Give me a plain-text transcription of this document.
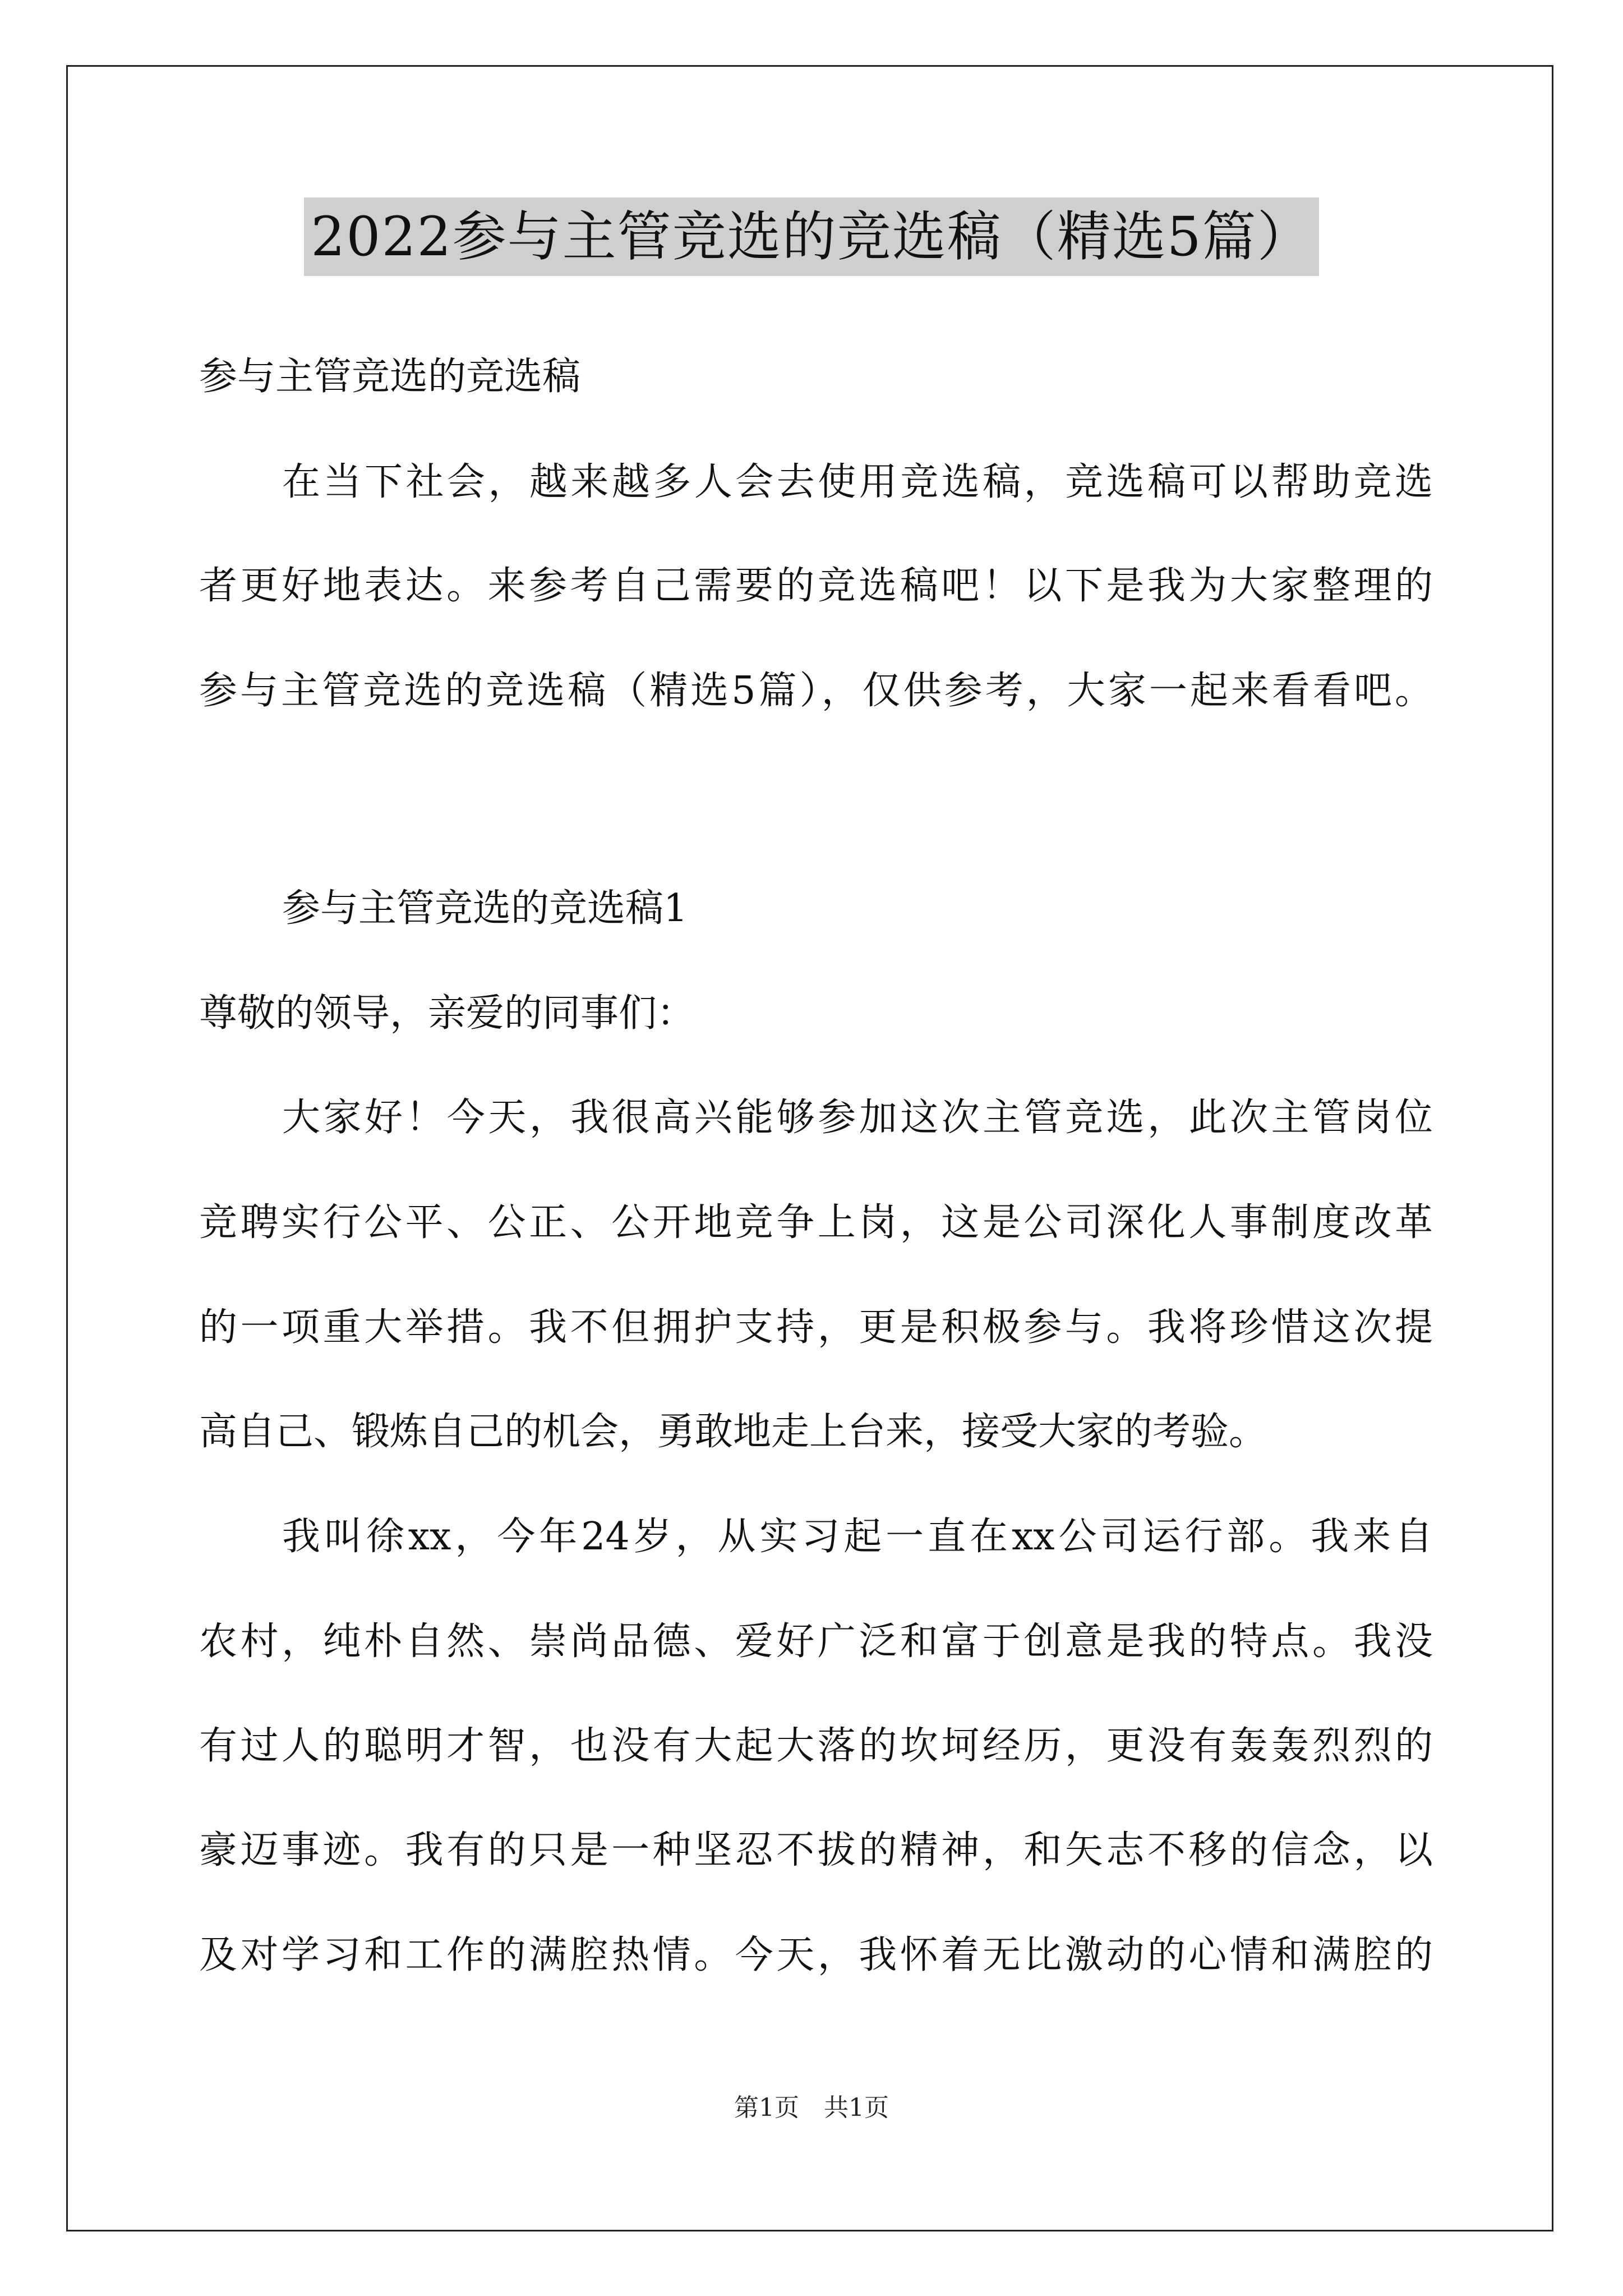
2022参与主管竞选的竞选稿（精选5篇）
参与主管竞选的竞选稿
在当下社会，越来越多人会去使用竞选稿，竞选稿可以帮助竞选
者更好地表达。来参考自己需要的竞选稿吧！以下是我为大家整理的
参与主管竞选的竞选稿（精选5篇），仅供参考，大家一起来看看吧。
参与主管竞选的竞选稿1
尊敬的领导，亲爱的同事们：
大家好！今天，我很高兴能够参加这次主管竞选，此次主管岗位
竞聘实行公平、公正、公开地竞争上岗，这是公司深化人事制度改革
的一项重大举措。我不但拥护支持，更是积极参与。我将珍惜这次提
高自己、锻炼自己的机会，勇敢地走上台来，接受大家的考验。
我叫徐xx，今年24岁，从实习起一直在xx公司运行部。我来自
农村，纯朴自然、崇尚品德、爱好广泛和富于创意是我的特点。我没
有过人的聪明才智，也没有大起大落的坎坷经历，更没有轰轰烈烈的
豪迈事迹。我有的只是一种坚忍不拔的精神，和矢志不移的信念，以
及对学习和工作的满腔热情。今天，我怀着无比激动的心情和满腔的
第1页　共1页
